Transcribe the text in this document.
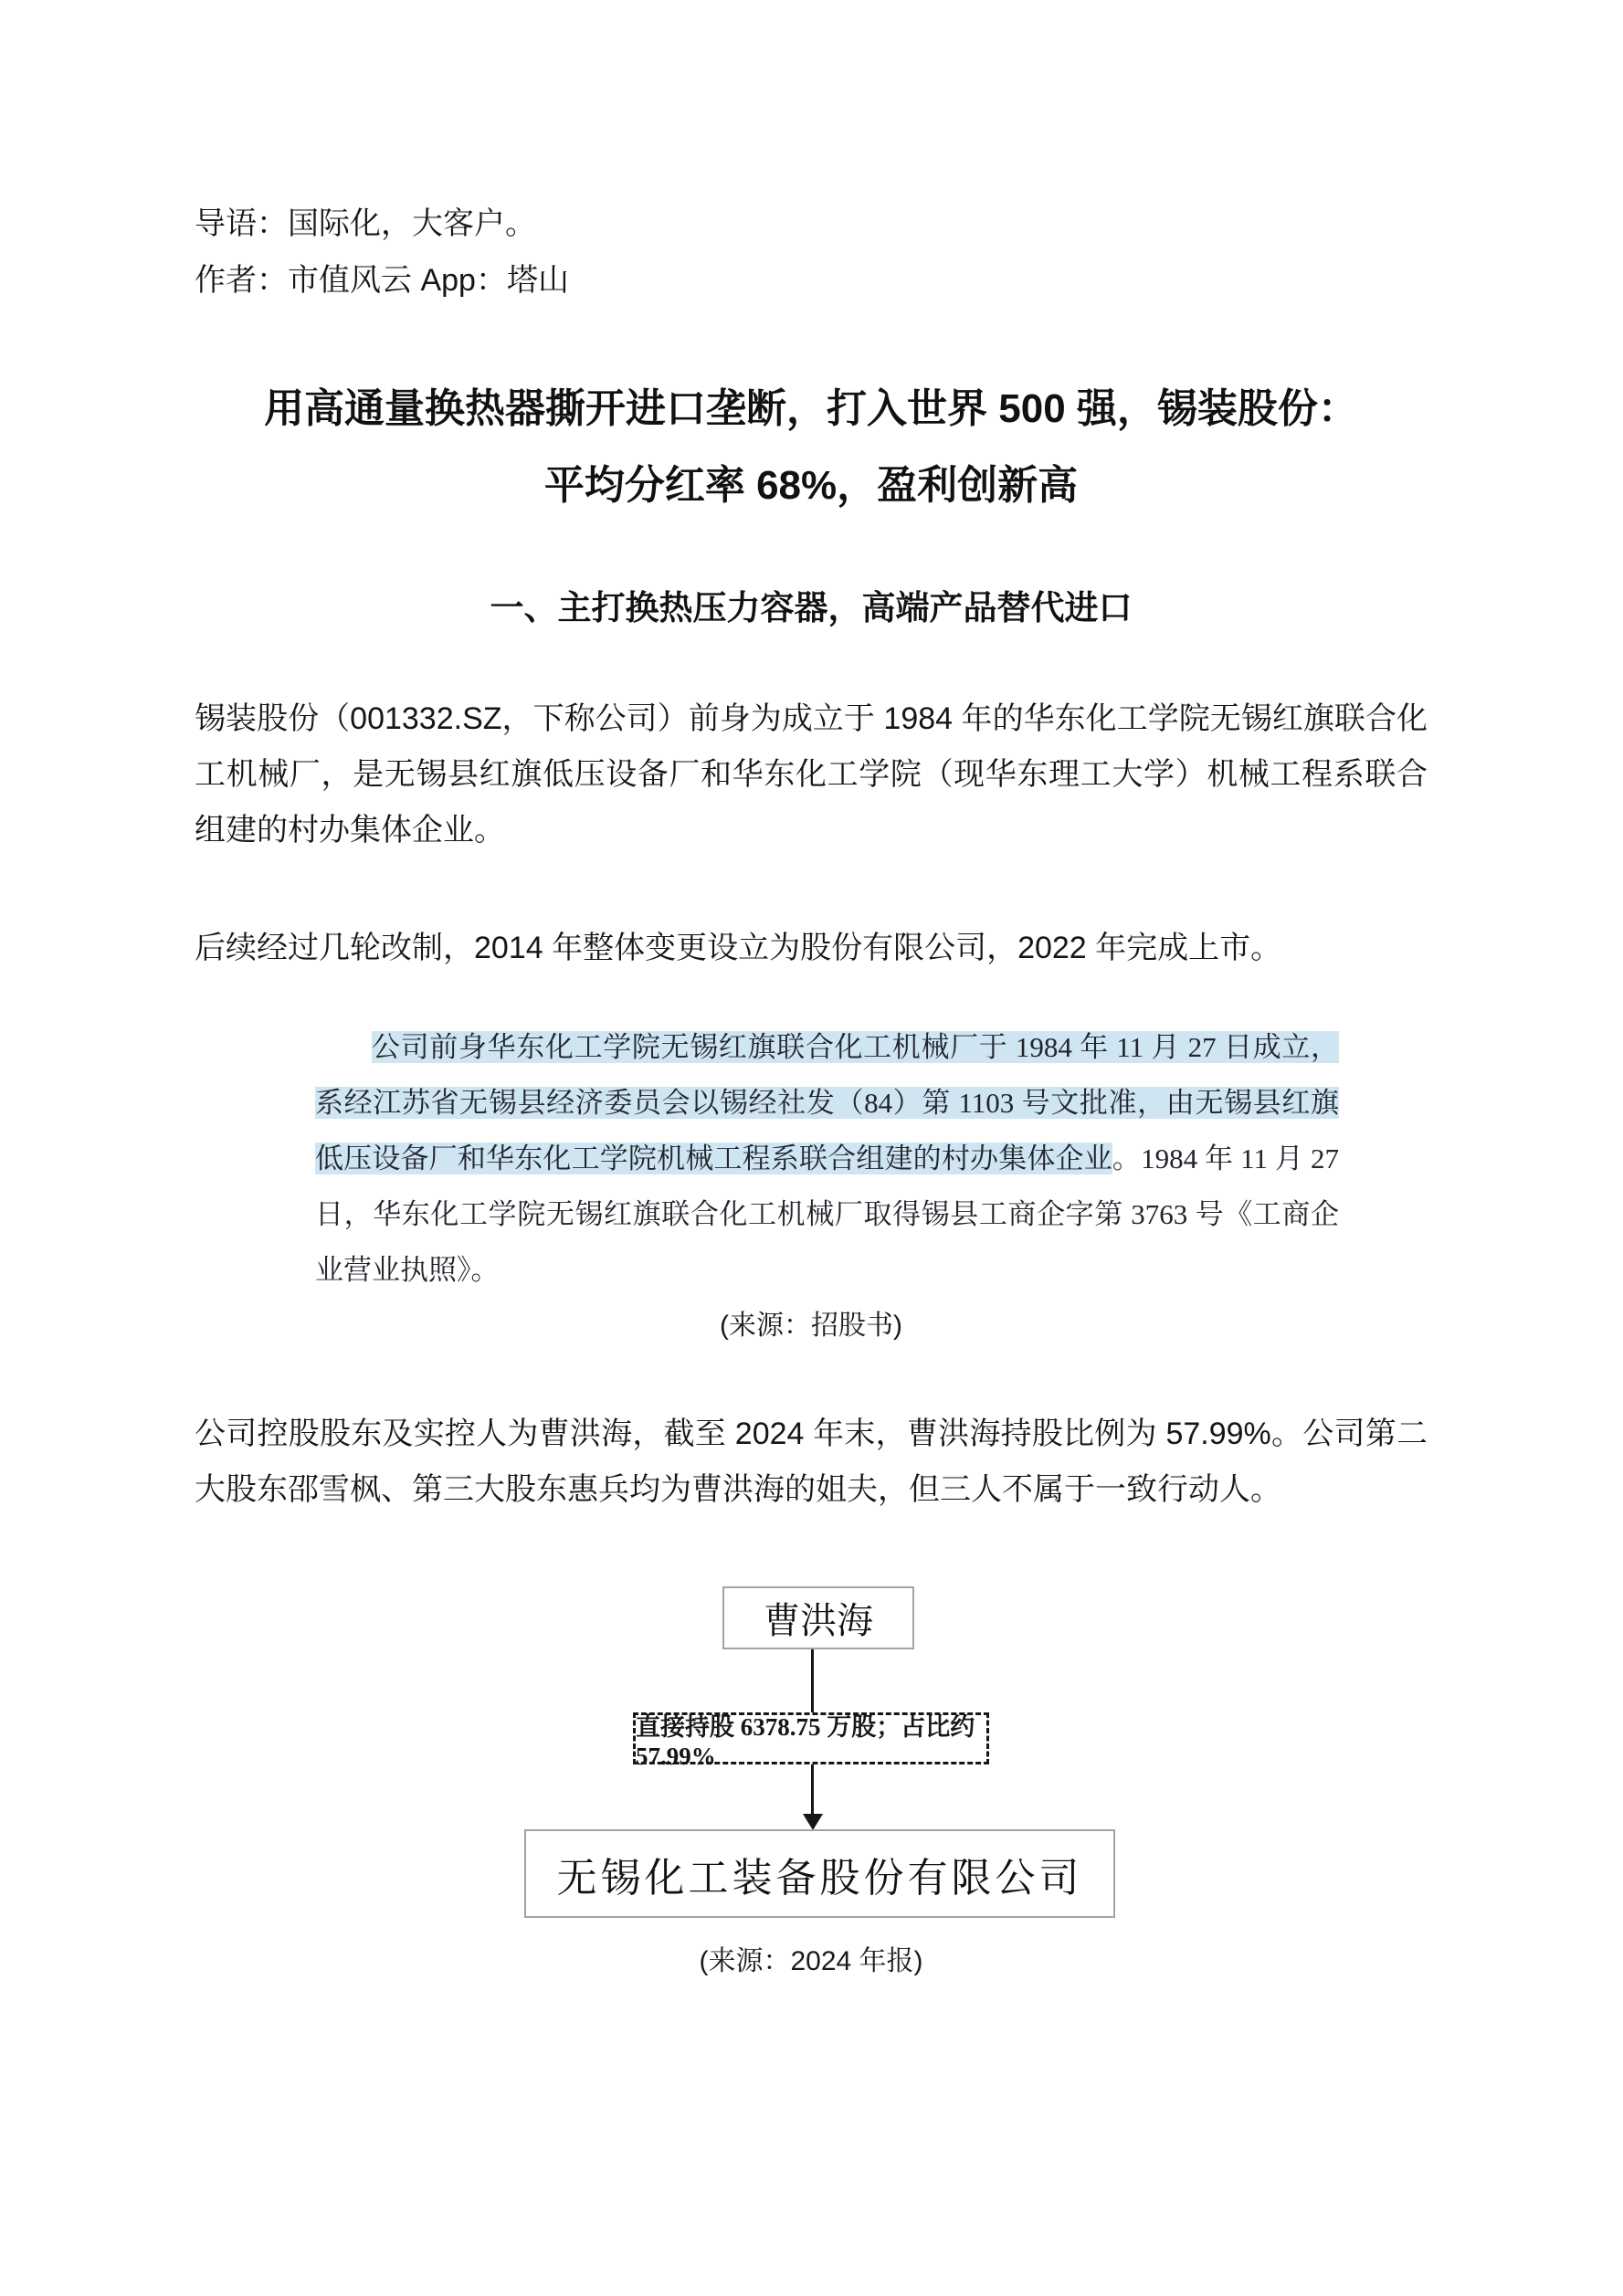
导语：国际化，大客户。
作者：市值风云 App：塔山
用高通量换热器撕开进口垄断，打入世界 500 强，锡装股份：
平均分红率 68%，盈利创新高
一、主打换热压力容器，高端产品替代进口
锡装股份（001332.SZ，下称公司）前身为成立于 1984 年的华东化工学院无锡红旗联合化工机械厂，是无锡县红旗低压设备厂和华东化工学院（现华东理工大学）机械工程系联合组建的村办集体企业。
后续经过几轮改制，2014 年整体变更设立为股份有限公司，2022 年完成上市。
公司前身华东化工学院无锡红旗联合化工机械厂于 1984 年 11 月 27 日成立，系经江苏省无锡县经济委员会以锡经社发（84）第 1103 号文批准，由无锡县红旗低压设备厂和华东化工学院机械工程系联合组建的村办集体企业。1984 年 11 月 27 日，华东化工学院无锡红旗联合化工机械厂取得锡县工商企字第 3763 号《工商企业营业执照》。
(来源：招股书)
公司控股股东及实控人为曹洪海，截至 2024 年末，曹洪海持股比例为 57.99%。公司第二大股东邵雪枫、第三大股东惠兵均为曹洪海的姐夫，但三人不属于一致行动人。
曹洪海
直接持股 6378.75 万股；占比约 57.99%
无锡化工装备股份有限公司
(来源：2024 年报)
